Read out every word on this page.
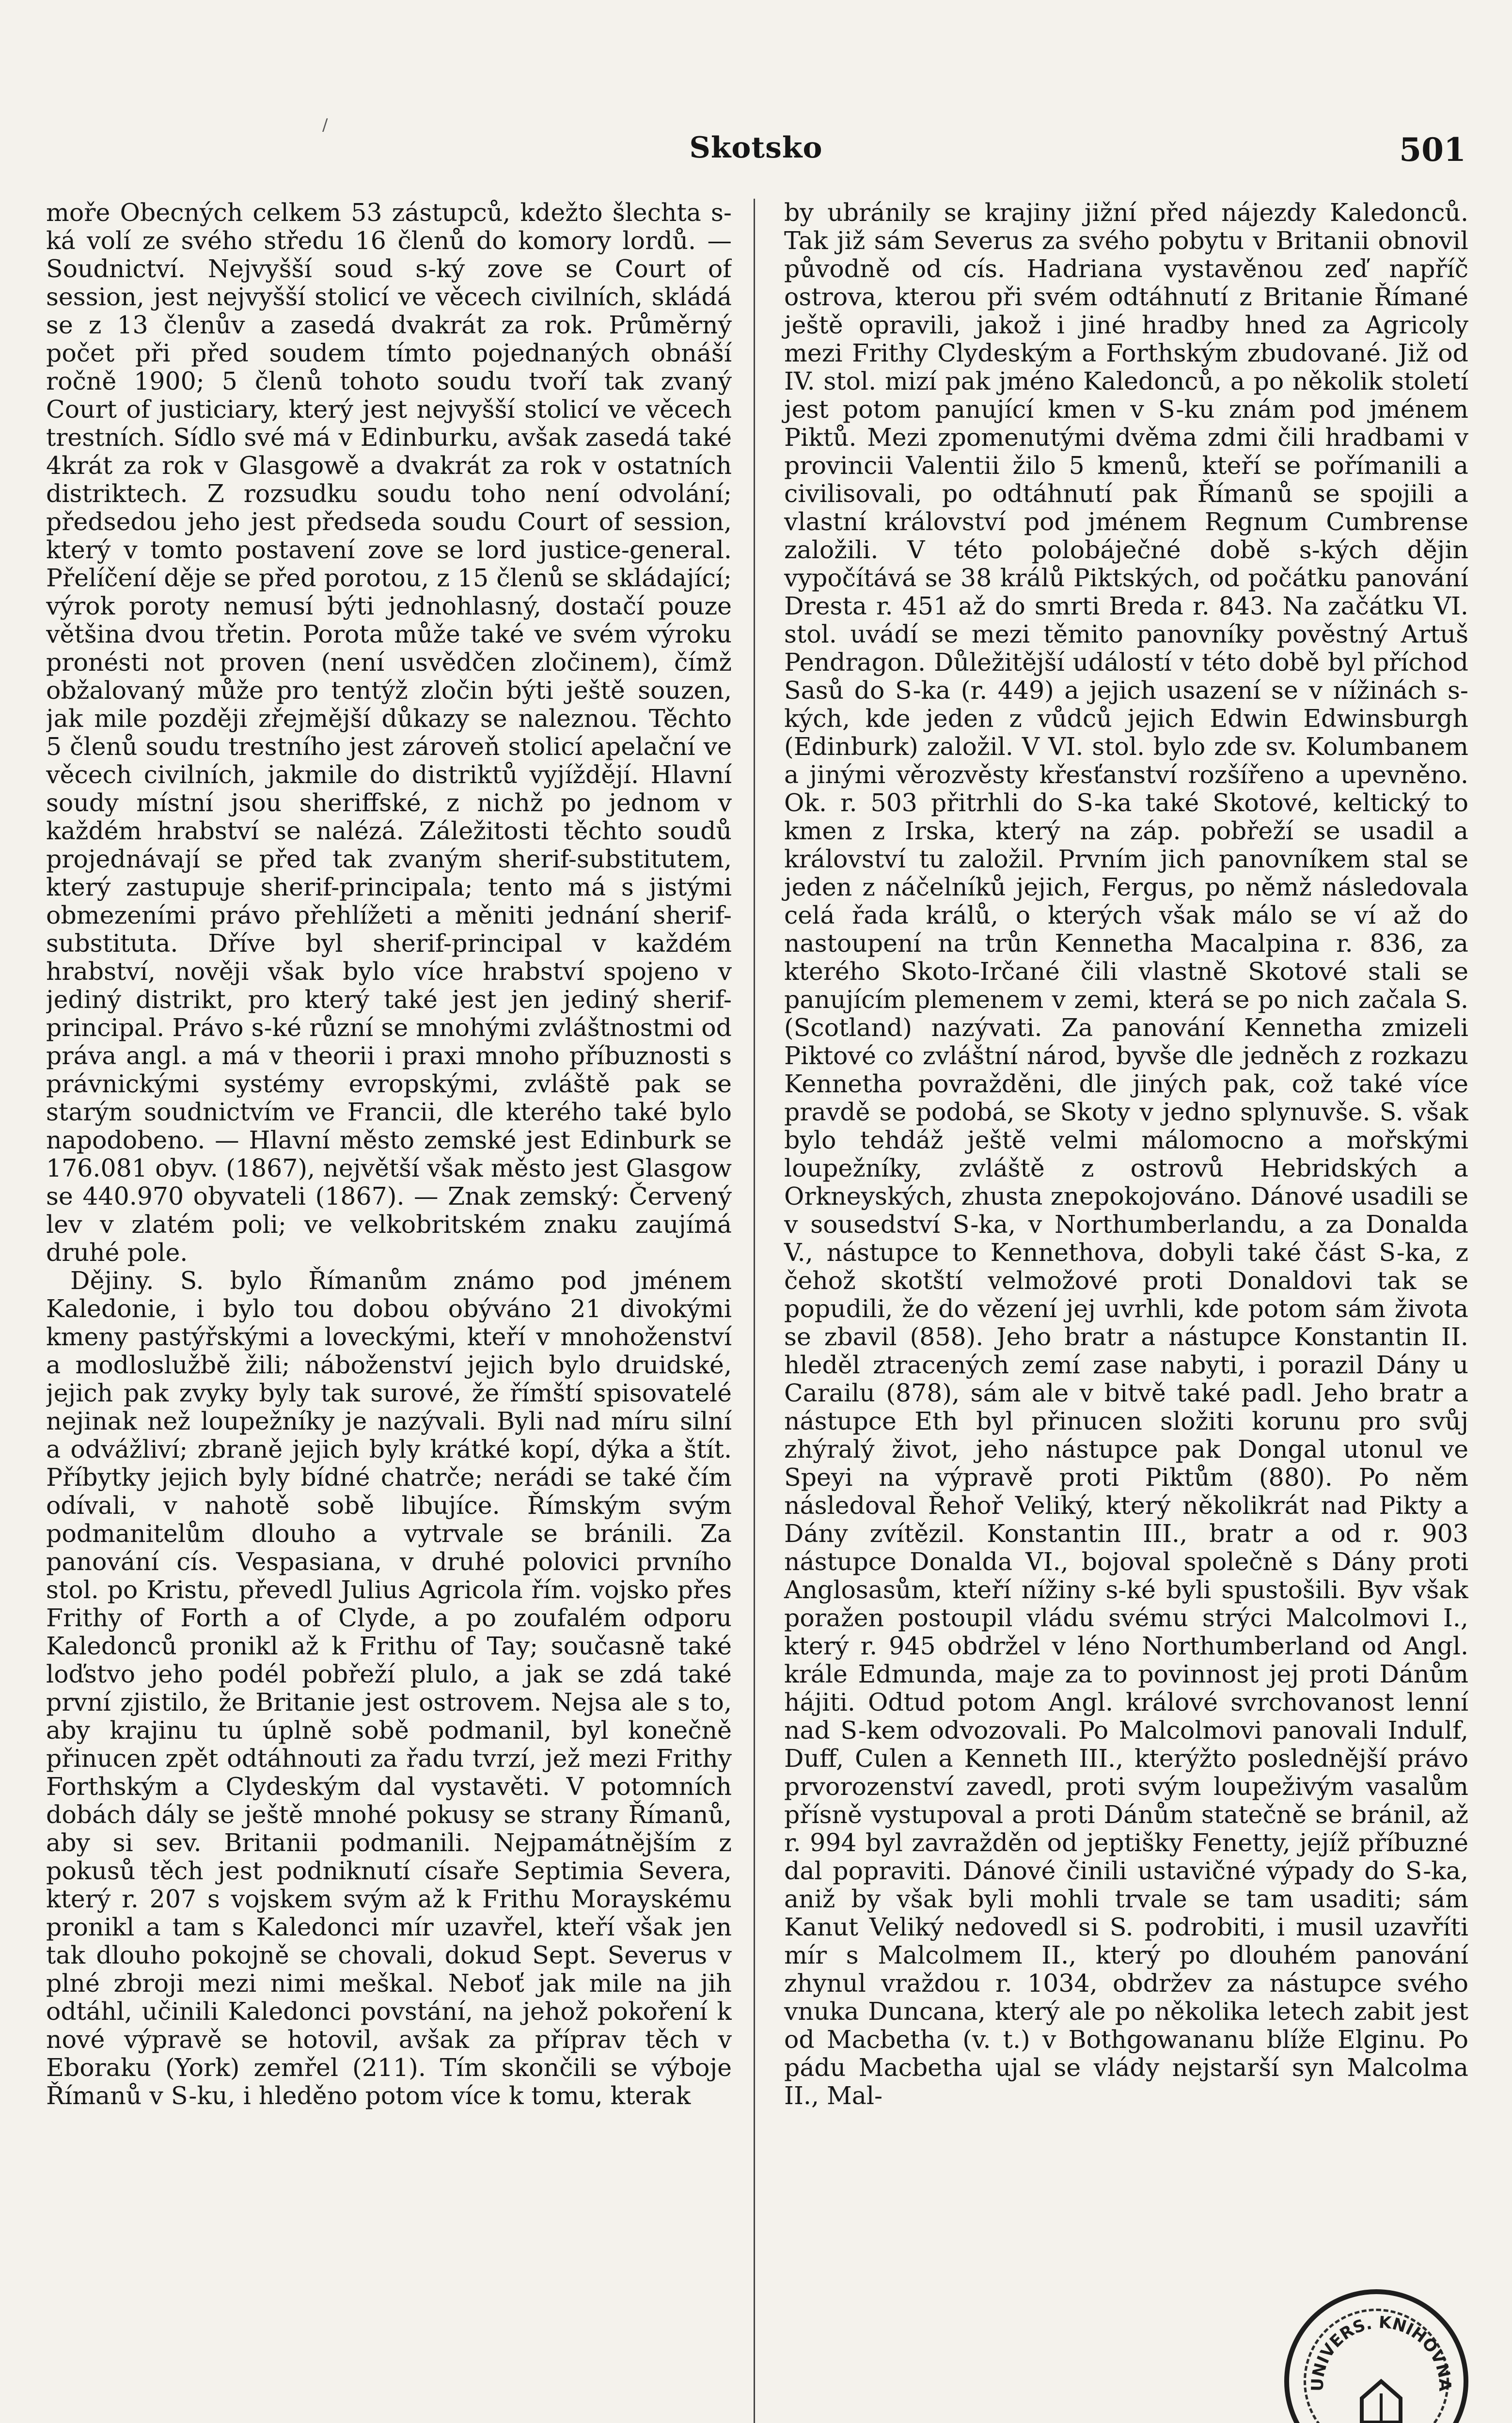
/
Skotsko	501

moře Obecných celkem 53 zástupců, kdežto šlechta s-ká volí ze svého středu 16 členů do komory lordů. — Soudnictví. Nejvyšší soud s-ký zove se Court of session, jest nejvyšší stolicí ve věcech civilních, skládá se z 13 členův a zasedá dvakrát za rok. Průměrný počet při před soudem tímto pojednaných obnáší ročně 1900; 5 členů tohoto soudu tvoří tak zvaný Court of justiciary, který jest nejvyšší stolicí ve věcech trestních. Sídlo své má v Edinburku, avšak zasedá také 4krát za rok v Glasgowě a dvakrát za rok v ostatních distriktech. Z rozsudku soudu toho není odvolání; předsedou jeho jest předseda soudu Court of session, který v tomto postavení zove se lord justice-general. Přelíčení děje se před porotou, z 15 členů se skládající; výrok poroty nemusí býti jednohlasný, dostačí pouze většina dvou třetin. Porota může také ve svém výroku pronésti not proven (není usvědčen zločinem), čímž obžalovaný může pro tentýž zločin býti ještě souzen, jak mile později zřejmější důkazy se naleznou. Těchto 5 členů soudu trestního jest zároveň stolicí apelační ve věcech civilních, jakmile do distriktů vyjíždějí. Hlavní soudy místní jsou sheriffské, z nichž po jednom v každém hrabství se nalézá. Záležitosti těchto soudů projednávají se před tak zvaným sherif-substitutem, který zastupuje sherif-principala; tento má s jistými obmezeními právo přehlížeti a měniti jednání sherif-substituta. Dříve byl sherif-principal v každém hrabství, nověji však bylo více hrabství spojeno v jediný distrikt, pro který také jest jen jediný sherif-principal. Právo s-ké různí se mnohými zvláštnostmi od práva angl. a má v theorii i praxi mnoho příbuznosti s právnickými systémy evropskými, zvláště pak se starým soudnictvím ve Francii, dle kterého také bylo napodobeno. — Hlavní město zemské jest Edinburk se 176.081 obyv. (1867), největší však město jest Glasgow se 440.970 obyvateli (1867). — Znak zemský: Červený lev v zlatém poli; ve velkobritském znaku zaujímá druhé pole.

Dějiny. S. bylo Římanům známo pod jménem Kaledonie, i bylo tou dobou obýváno 21 divokými kmeny pastýřskými a loveckými, kteří v mnohoženství a modloslužbě žili; náboženství jejich bylo druidské, jejich pak zvyky byly tak surové, že římští spisovatelé nejinak než loupežníky je nazývali. Byli nad míru silní a odvážliví; zbraně jejich byly krátké kopí, dýka a štít. Příbytky jejich byly bídné chatrče; nerádi se také čím odívali, v nahotě sobě libujíce. Římským svým podmanitelům dlouho a vytrvale se bránili. Za panování cís. Vespasiana, v druhé polovici prvního stol. po Kristu, převedl Julius Agricola řím. vojsko přes Frithy of Forth a of Clyde, a po zoufalém odporu Kaledonců pronikl až k Frithu of Tay; současně také loďstvo jeho podél pobřeží plulo, a jak se zdá také první zjistilo, že Britanie jest ostrovem. Nejsa ale s to, aby krajinu tu úplně sobě podmanil, byl konečně přinucen zpět odtáhnouti za řadu tvrzí, jež mezi Frithy Forthským a Clydeským dal vystavěti. V potomních dobách dály se ještě mnohé pokusy se strany Římanů, aby si sev. Britanii podmanili. Nejpamátnějším z pokusů těch jest podniknutí císaře Septimia Severa, který r. 207 s vojskem svým až k Frithu Morayskému pronikl a tam s Kaledonci mír uzavřel, kteří však jen tak dlouho pokojně se chovali, dokud Sept. Severus v plné zbroji mezi nimi meškal. Neboť jak mile na jih odtáhl, učinili Kaledonci povstání, na jehož pokoření k nové výpravě se hotovil, avšak za příprav těch v Eboraku (York) zemřel (211). Tím skončili se výboje Římanů v S-ku, i hleděno potom více k tomu, kterak

by ubránily se krajiny jižní před nájezdy Kaledonců. Tak již sám Severus za svého pobytu v Britanii obnovil původně od cís. Hadriana vystavěnou zeď napříč ostrova, kterou při svém odtáhnutí z Britanie Římané ještě opravili, jakož i jiné hradby hned za Agricoly mezi Frithy Clydeským a Forthským zbudované. Již od IV. stol. mizí pak jméno Kaledonců, a po několik století jest potom panující kmen v S-ku znám pod jménem Piktů. Mezi zpomenutými dvěma zdmi čili hradbami v provincii Valentii žilo 5 kmenů, kteří se pořímanili a civilisovali, po odtáhnutí pak Římanů se spojili a vlastní království pod jménem Regnum Cumbrense založili. V této polobáječné době s-kých dějin vypočítává se 38 králů Piktských, od počátku panování Dresta r. 451 až do smrti Breda r. 843. Na začátku VI. stol. uvádí se mezi těmito panovníky pověstný Artuš Pendragon. Důležitější událostí v této době byl příchod Sasů do S-ka (r. 449) a jejich usazení se v nížinách s-kých, kde jeden z vůdců jejich Edwin Edwinsburgh (Edinburk) založil. V VI. stol. bylo zde sv. Kolumbanem a jinými věrozvěsty křesťanství rozšířeno a upevněno. Ok. r. 503 přitrhli do S-ka také Skotové, keltický to kmen z Irska, který na záp. pobřeží se usadil a království tu založil. Prvním jich panovníkem stal se jeden z náčelníků jejich, Fergus, po němž následovala celá řada králů, o kterých však málo se ví až do nastoupení na trůn Kennetha Macalpina r. 836, za kterého Skoto-Irčané čili vlastně Skotové stali se panujícím plemenem v zemi, která se po nich začala S. (Scotland) nazývati. Za panování Kennetha zmizeli Piktové co zvláštní národ, byvše dle jedněch z rozkazu Kennetha povražděni, dle jiných pak, což také více pravdě se podobá, se Skoty v jedno splynuvše. S. však bylo tehdáž ještě velmi málomocno a mořskými loupežníky, zvláště z ostrovů Hebridských a Orkneyských, zhusta znepokojováno. Dánové usadili se v sousedství S-ka, v Northumberlandu, a za Donalda V., nástupce to Kennethova, dobyli také část S-ka, z čehož skotští velmožové proti Donaldovi tak se popudili, že do vězení jej uvrhli, kde potom sám života se zbavil (858). Jeho bratr a nástupce Konstantin II. hleděl ztracených zemí zase nabyti, i porazil Dány u Carailu (878), sám ale v bitvě také padl. Jeho bratr a nástupce Eth byl přinucen složiti korunu pro svůj zhýralý život, jeho nástupce pak Dongal utonul ve Speyi na výpravě proti Piktům (880). Po něm následoval Řehoř Veliký, který několikrát nad Pikty a Dány zvítězil. Konstantin III., bratr a od r. 903 nástupce Donalda VI., bojoval společně s Dány proti Anglosasům, kteří nížiny s-ké byli spustošili. Byv však poražen postoupil vládu svému strýci Malcolmovi I., který r. 945 obdržel v léno Northumberland od Angl. krále Edmunda, maje za to povinnost jej proti Dánům hájiti. Odtud potom Angl. králové svrchovanost lenní nad S-kem odvozovali. Po Malcolmovi panovali Indulf, Duff, Culen a Kenneth III., kterýžto poslednější právo prvorozenství zavedl, proti svým loupeživým vasalům přísně vystupoval a proti Dánům statečně se bránil, až r. 994 byl zavražděn od jeptišky Fenetty, jejíž příbuzné dal popraviti. Dánové činili ustavičné výpady do S-ka, aniž by však byli mohli trvale se tam usaditi; sám Kanut Veliký nedovedl si S. podrobiti, i musil uzavříti mír s Malcolmem II., který po dlouhém panování zhynul vraždou r. 1034, obdržev za nástupce svého vnuka Duncana, který ale po několika letech zabit jest od Macbetha (v. t.) v Bothgowananu blíže Elginu. Po pádu Macbetha ujal se vlády nejstarší syn Malcolma II., Mal-

UNIVERS. KNIHOVNA
